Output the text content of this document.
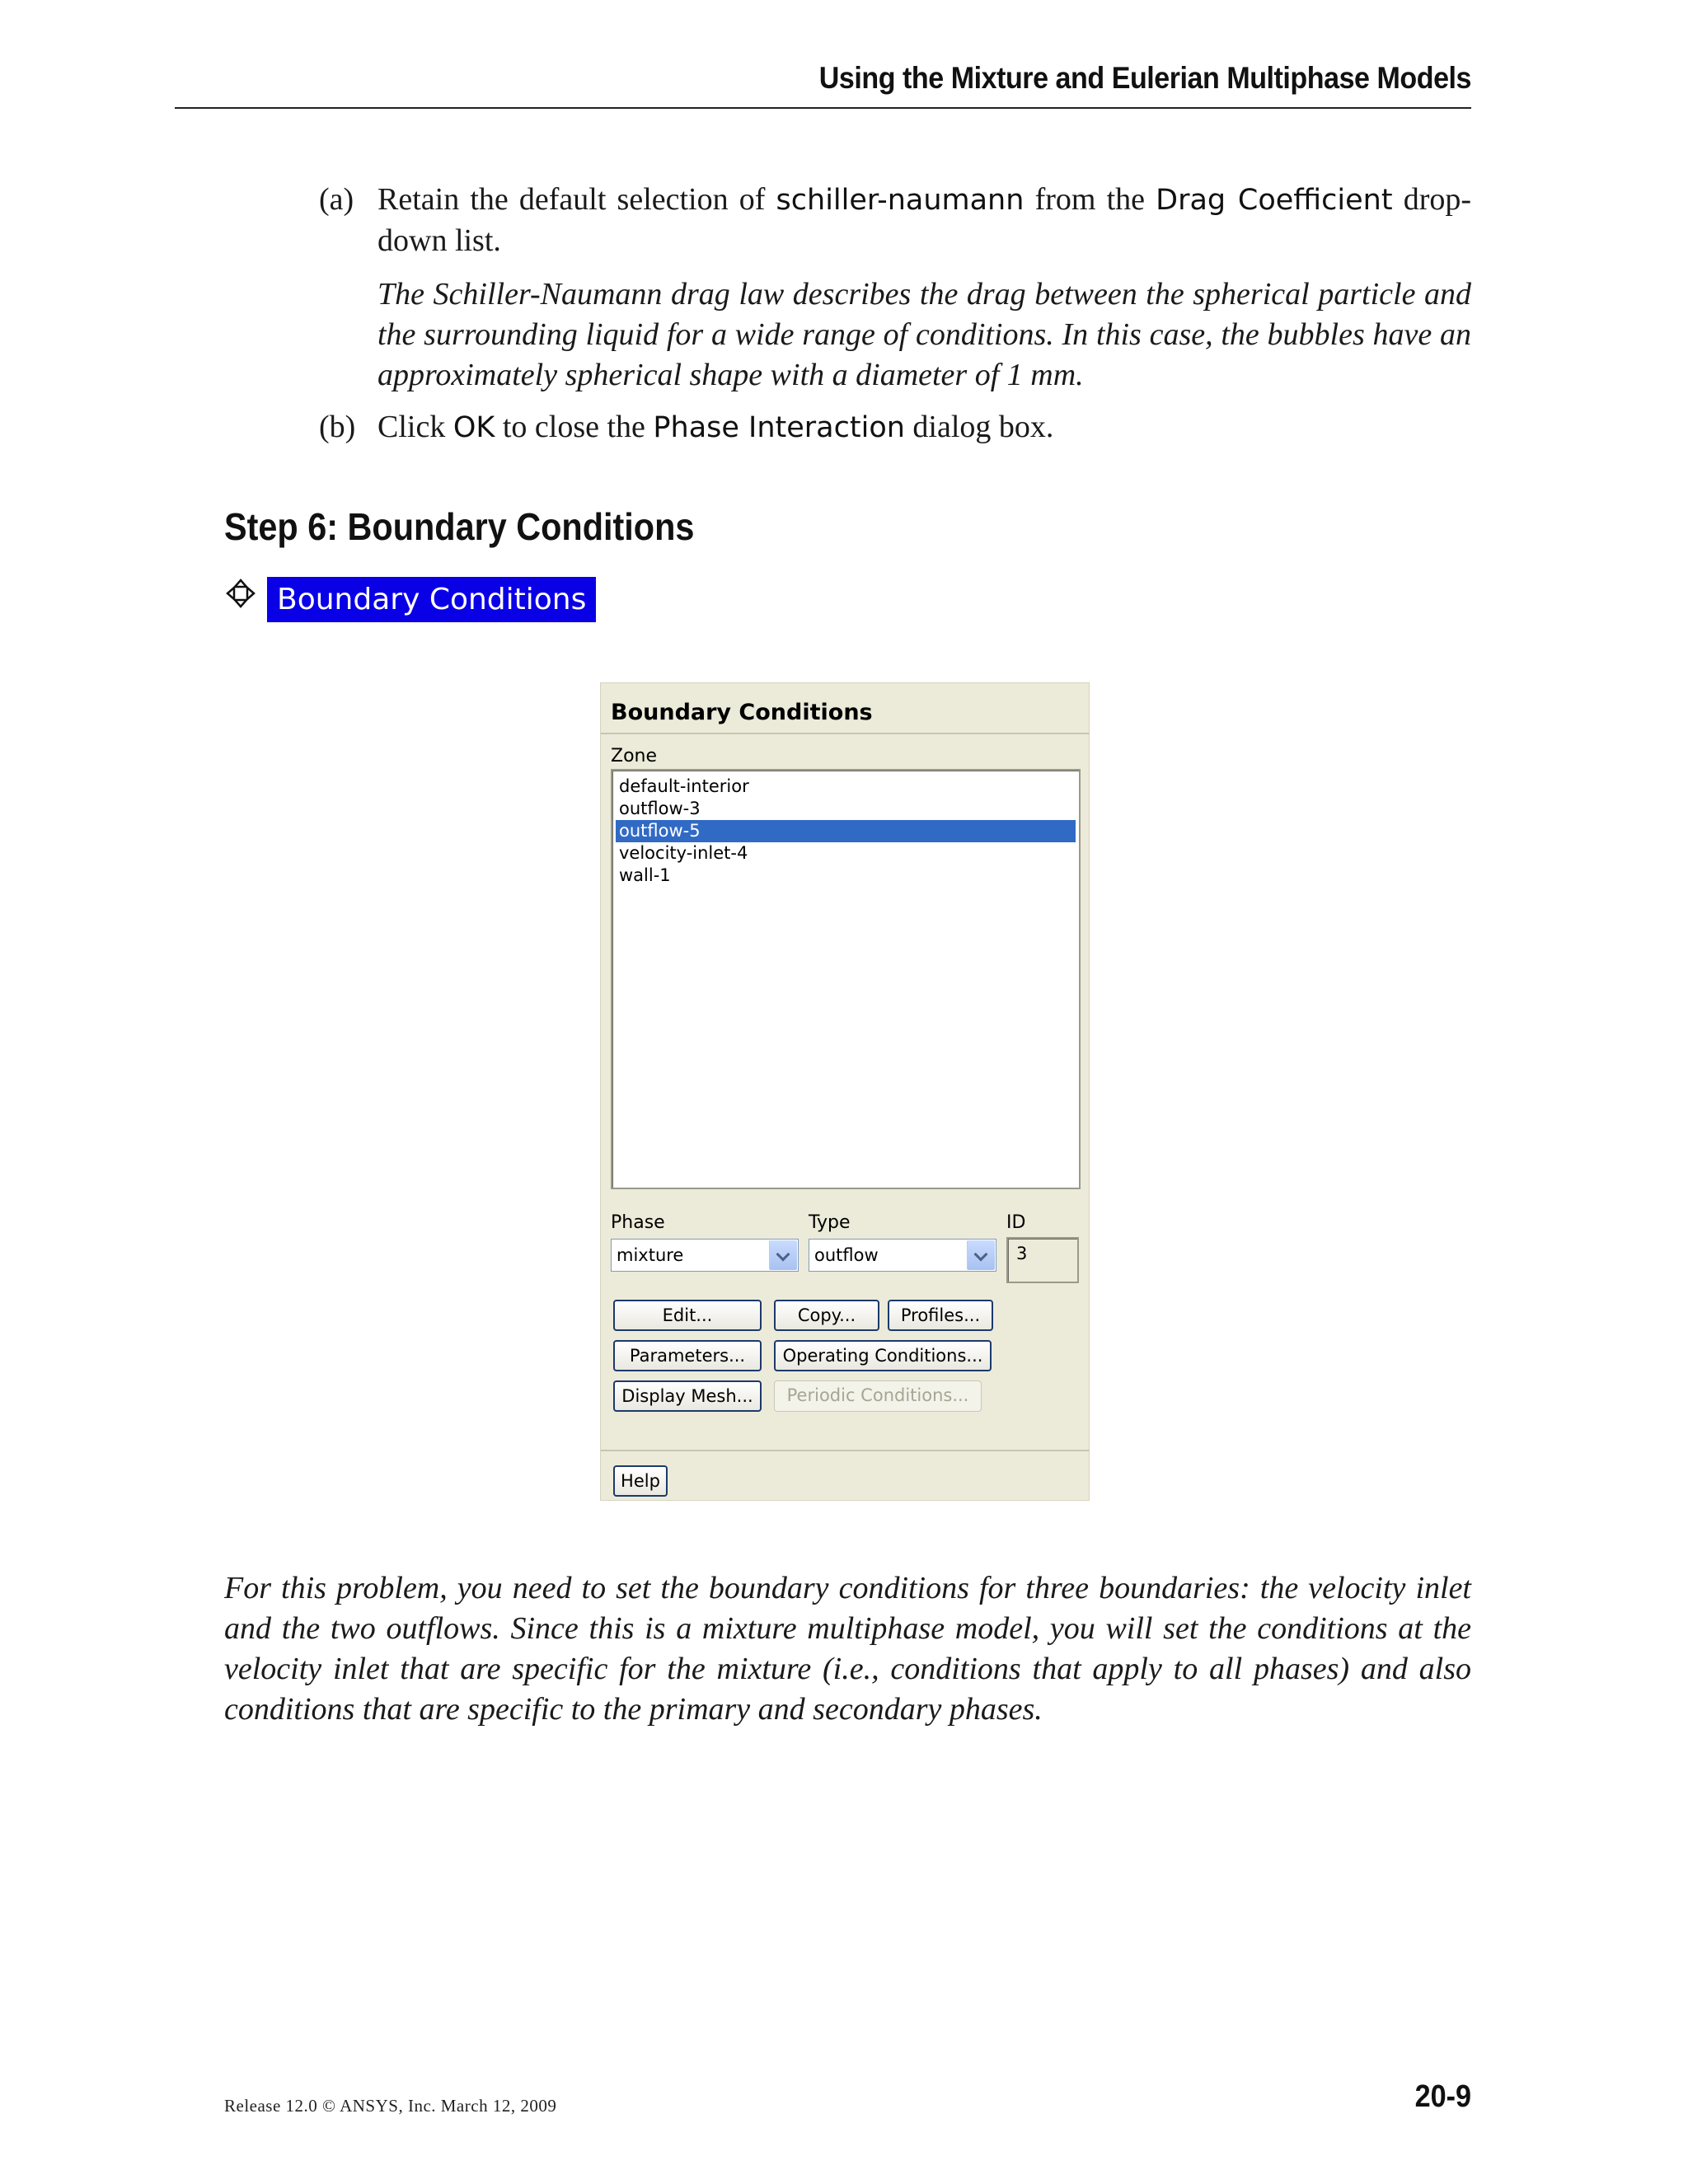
Using the Mixture and Eulerian Multiphase Models
(a) Retain the default selection of schiller-naumann from the Drag Coefficient drop-down list.
The Schiller-Naumann drag law describes the drag between the spherical particle and the surrounding liquid for a wide range of conditions. In this case, the bubbles have an approximately spherical shape with a diameter of 1 mm.
(b) Click OK to close the Phase Interaction dialog box.
Step 6: Boundary Conditions
Boundary Conditions
Boundary Conditions
Zone
default-interior
outflow-3
outflow-5
velocity-inlet-4
wall-1
Phase
mixture
Type
outflow
ID
3
Edit...	Copy...	Profiles...
Parameters...	Operating Conditions...
Display Mesh...	Periodic Conditions...
Help
For this problem, you need to set the boundary conditions for three boundaries: the velocity inlet and the two outflows. Since this is a mixture multiphase model, you will set the conditions at the velocity inlet that are specific for the mixture (i.e., conditions that apply to all phases) and also conditions that are specific to the primary and secondary phases.
Release 12.0 © ANSYS, Inc. March 12, 2009	20-9
